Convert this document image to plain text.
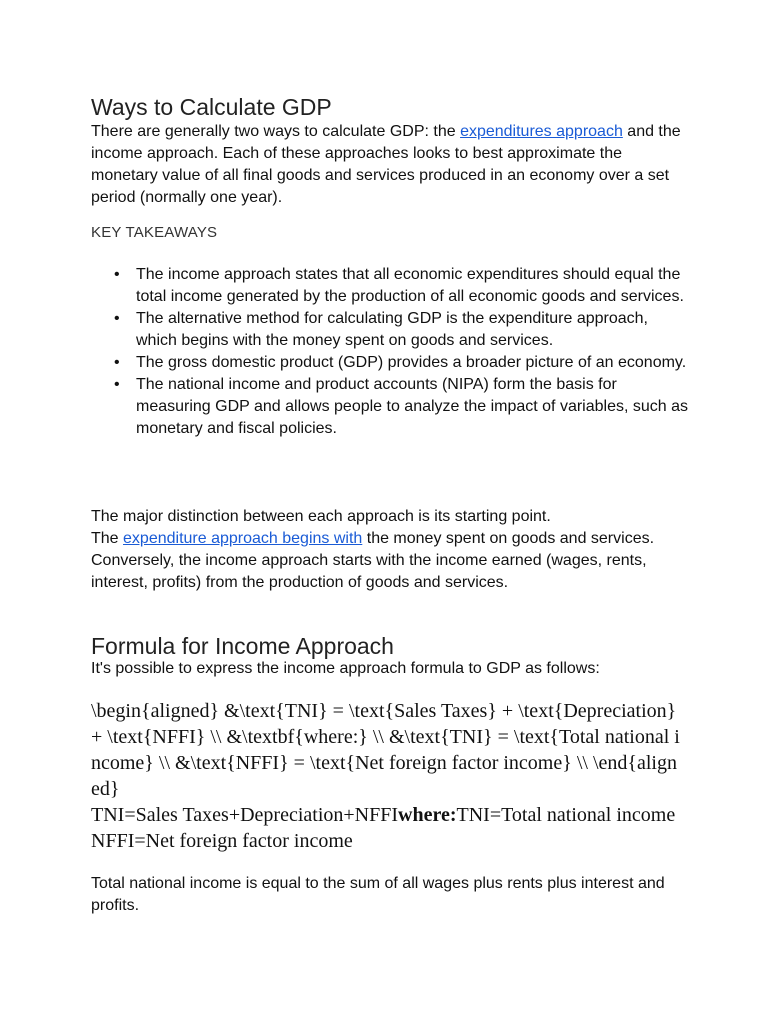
Ways to Calculate GDP

There are generally two ways to calculate GDP: the expenditures approach and the income approach. Each of these approaches looks to best approximate the monetary value of all final goods and services produced in an economy over a set period (normally one year).

KEY TAKEAWAYS
• The income approach states that all economic expenditures should equal the total income generated by the production of all economic goods and services.
• The alternative method for calculating GDP is the expenditure approach, which begins with the money spent on goods and services.
• The gross domestic product (GDP) provides a broader picture of an economy.
• The national income and product accounts (NIPA) form the basis for measuring GDP and allows people to analyze the impact of variables, such as monetary and fiscal policies.
The major distinction between each approach is its starting point.
The expenditure approach begins with the money spent on goods and services. Conversely, the income approach starts with the income earned (wages, rents, interest, profits) from the production of goods and services.
Formula for Income Approach

It's possible to express the income approach formula to GDP as follows:

\begin{aligned} &\text{TNI} = \text{Sales Taxes} + \text{Depreciation} + \text{NFFI} \\ &\textbf{where:} \\ &\text{TNI} = \text{Total national income} \\ &\text{NFFI} = \text{Net foreign factor income} \\ \end{aligned}
TNI=Sales Taxes+Depreciation+NFFIwhere:TNI=Total national incomeNFFI=Net foreign factor income

Total national income is equal to the sum of all wages plus rents plus interest and profits.
